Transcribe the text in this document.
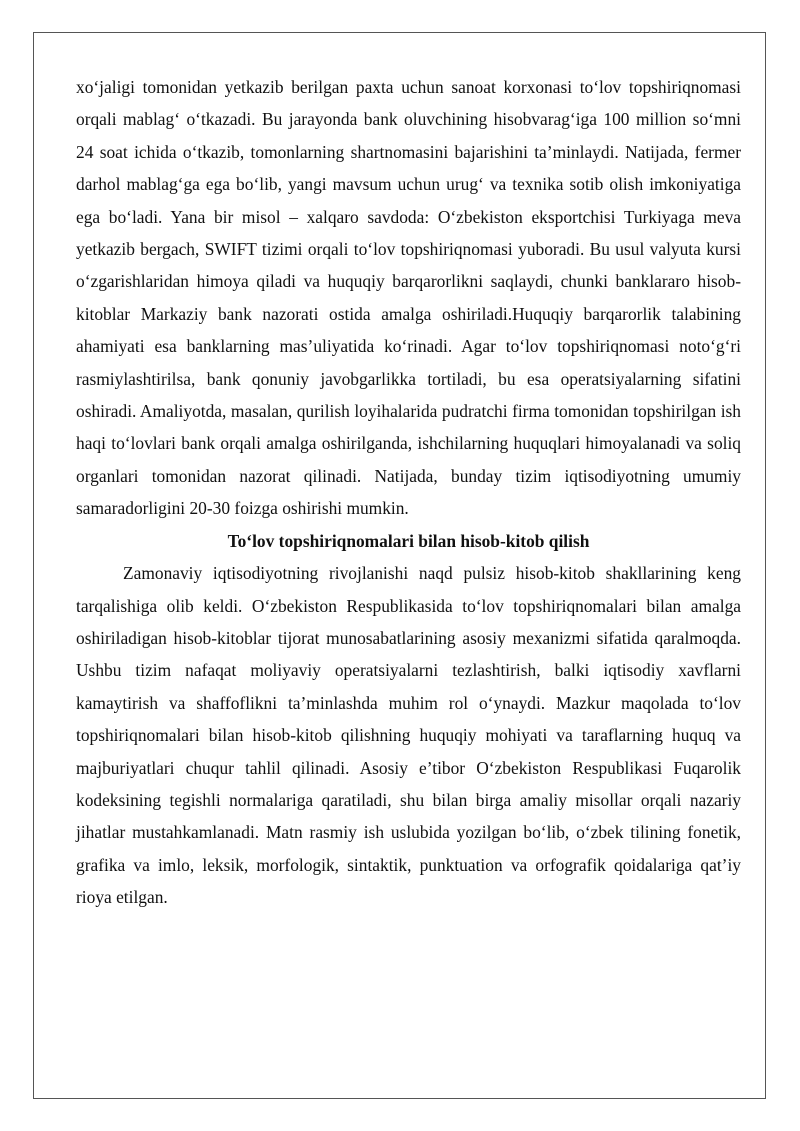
xo‘jaligi tomonidan yetkazib berilgan paxta uchun sanoat korxonasi to‘lov topshiriqnomasi orqali mablag‘ o‘tkazadi. Bu jarayonda bank oluvchining hisobvarag‘iga 100 million so‘mni 24 soat ichida o‘tkazib, tomonlarning shartnomasini bajarishini ta’minlaydi. Natijada, fermer darhol mablag‘ga ega bo‘lib, yangi mavsum uchun urug‘ va texnika sotib olish imkoniyatiga ega bo‘ladi. Yana bir misol – xalqaro savdoda: O‘zbekiston eksportchisi Turkiyaga meva yetkazib bergach, SWIFT tizimi orqali to‘lov topshiriqnomasi yuboradi. Bu usul valyuta kursi o‘zgarishlaridan himoya qiladi va huquqiy barqarorlikni saqlaydi, chunki banklararo hisob-kitoblar Markaziy bank nazorati ostida amalga oshiriladi.Huquqiy barqarorlik talabining ahamiyati esa banklarning mas’uliyatida ko‘rinadi. Agar to‘lov topshiriqnomasi noto‘g‘ri rasmiylashtirilsa, bank qonuniy javobgarlikka tortiladi, bu esa operatsiyalarning sifatini oshiradi. Amaliyotda, masalan, qurilish loyihalarida pudratchi firma tomonidan topshirilgan ish haqi to‘lovlari bank orqali amalga oshirilganda, ishchilarning huquqlari himoyalanadi va soliq organlari tomonidan nazorat qilinadi. Natijada, bunday tizim iqtisodiyotning umumiy samaradorligini 20-30 foizga oshirishi mumkin.

To‘lov topshiriqnomalari bilan hisob-kitob qilish

Zamonaviy iqtisodiyotning rivojlanishi naqd pulsiz hisob-kitob shakllarining keng tarqalishiga olib keldi. O‘zbekiston Respublikasida to‘lov topshiriqnomalari bilan amalga oshiriladigan hisob-kitoblar tijorat munosabatlarining asosiy mexanizmi sifatida qaralmoqda. Ushbu tizim nafaqat moliyaviy operatsiyalarni tezlashtirish, balki iqtisodiy xavflarni kamaytirish va shaffoflikni ta’minlashda muhim rol o‘ynaydi. Mazkur maqolada to‘lov topshiriqnomalari bilan hisob-kitob qilishning huquqiy mohiyati va taraflarning huquq va majburiyatlari chuqur tahlil qilinadi. Asosiy e’tibor O‘zbekiston Respublikasi Fuqarolik kodeksining tegishli normalariga qaratiladi, shu bilan birga amaliy misollar orqali nazariy jihatlar mustahkamlanadi. Matn rasmiy ish uslubida yozilgan bo‘lib, o‘zbek tilining fonetik, grafika va imlo, leksik, morfologik, sintaktik, punktuation va orfografik qoidalariga qat’iy rioya etilgan.
